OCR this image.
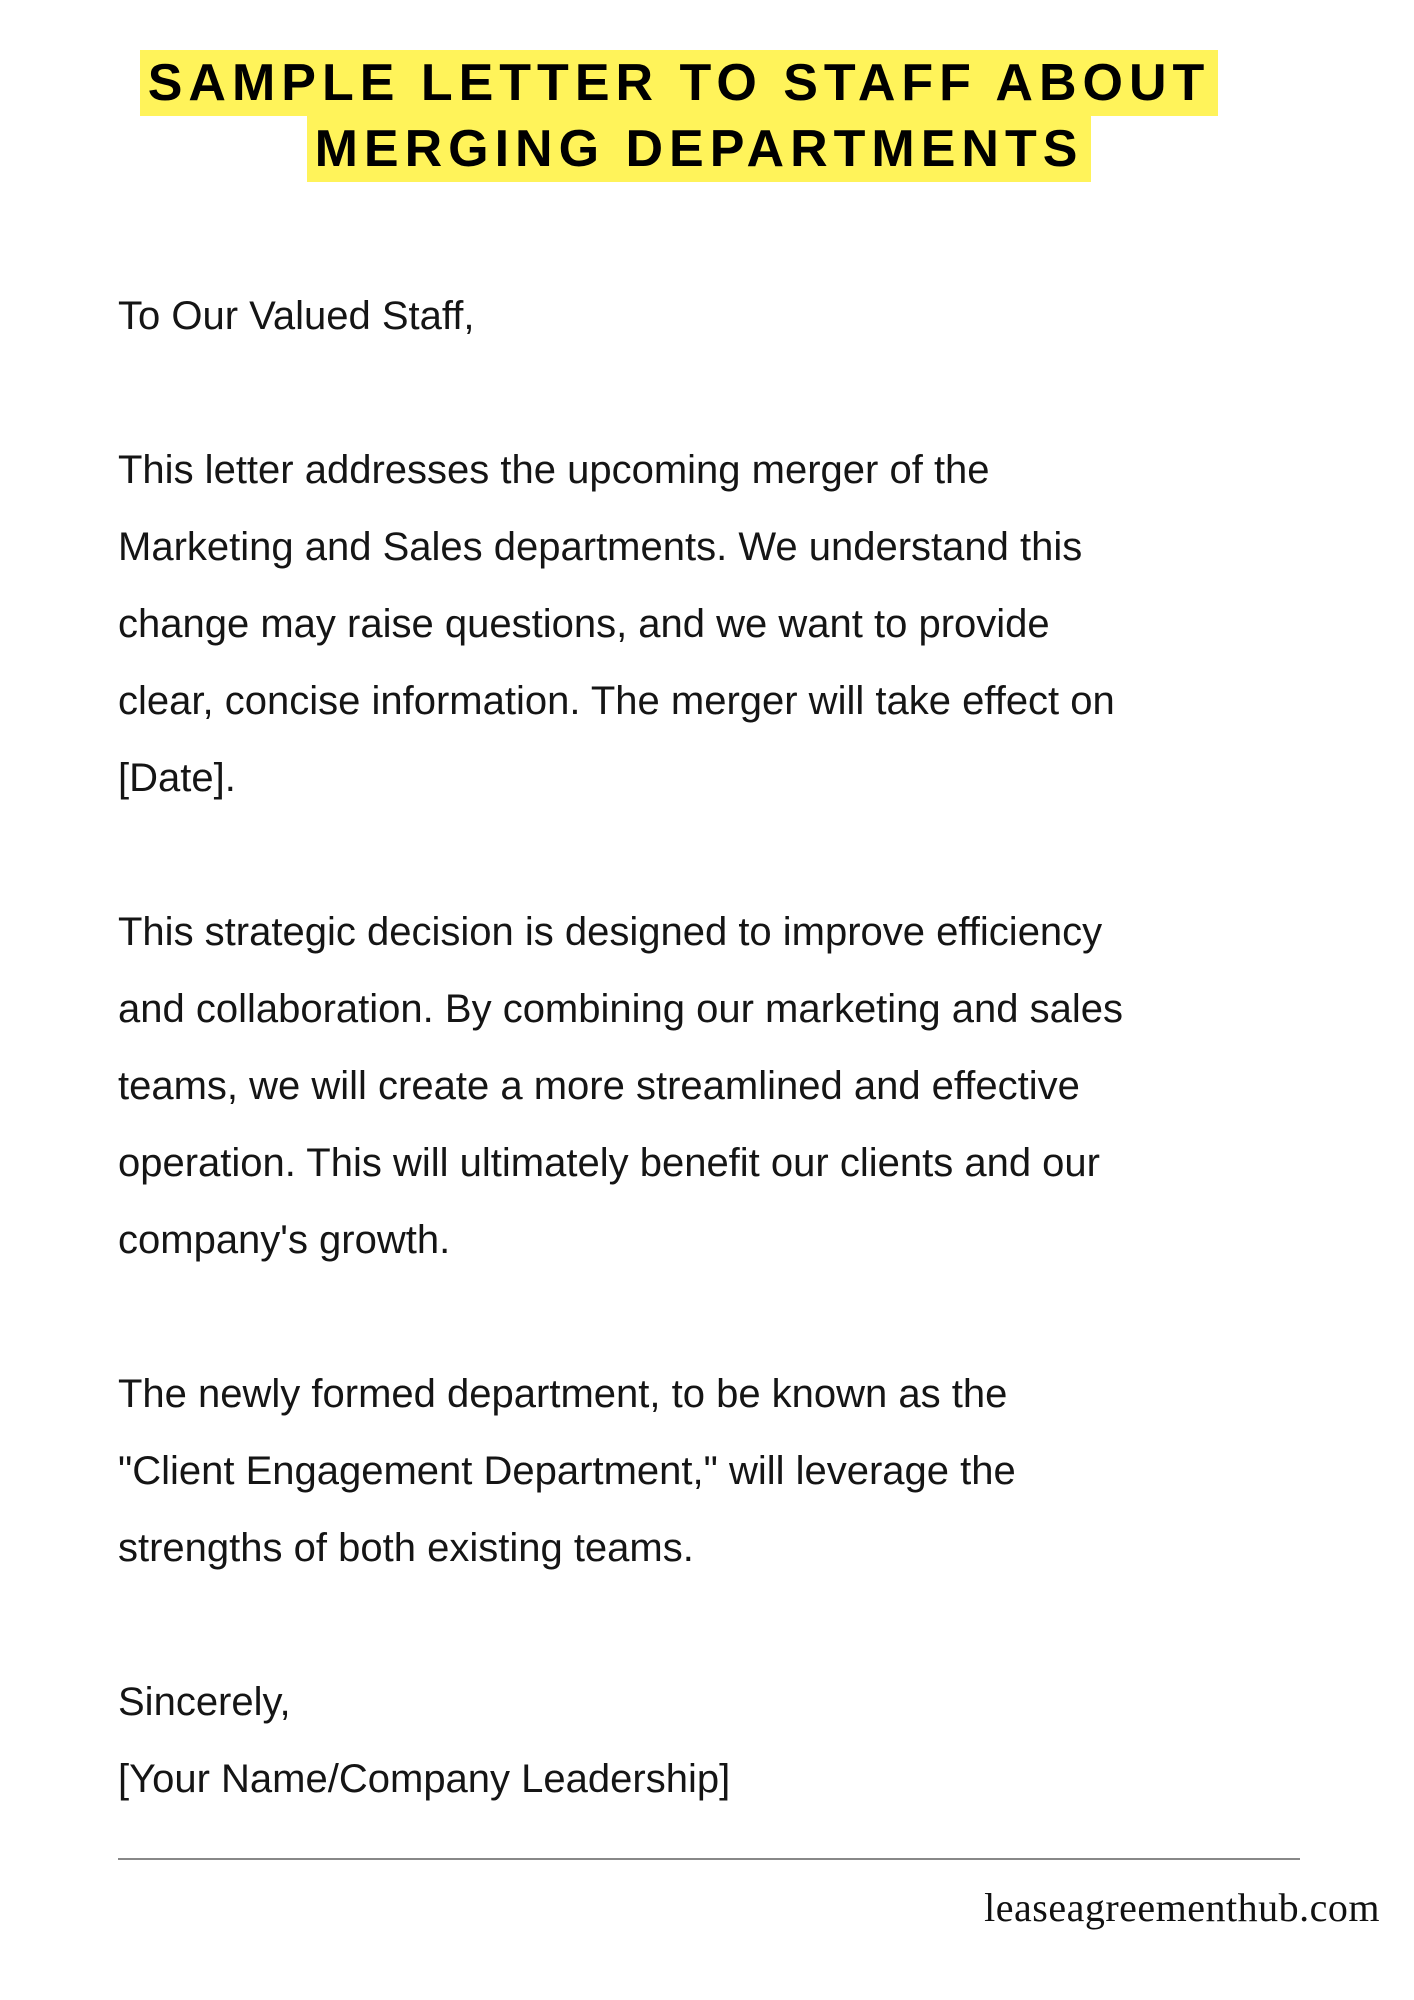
SAMPLE LETTER TO STAFF ABOUT
MERGING DEPARTMENTS
To Our Valued Staff,
This letter addresses the upcoming merger of the
Marketing and Sales departments. We understand this
change may raise questions, and we want to provide
clear, concise information. The merger will take effect on
[Date].
This strategic decision is designed to improve efficiency
and collaboration. By combining our marketing and sales
teams, we will create a more streamlined and effective
operation. This will ultimately benefit our clients and our
company's growth.
The newly formed department, to be known as the
"Client Engagement Department," will leverage the
strengths of both existing teams.
Sincerely,
[Your Name/Company Leadership]
leaseagreementhub.com
